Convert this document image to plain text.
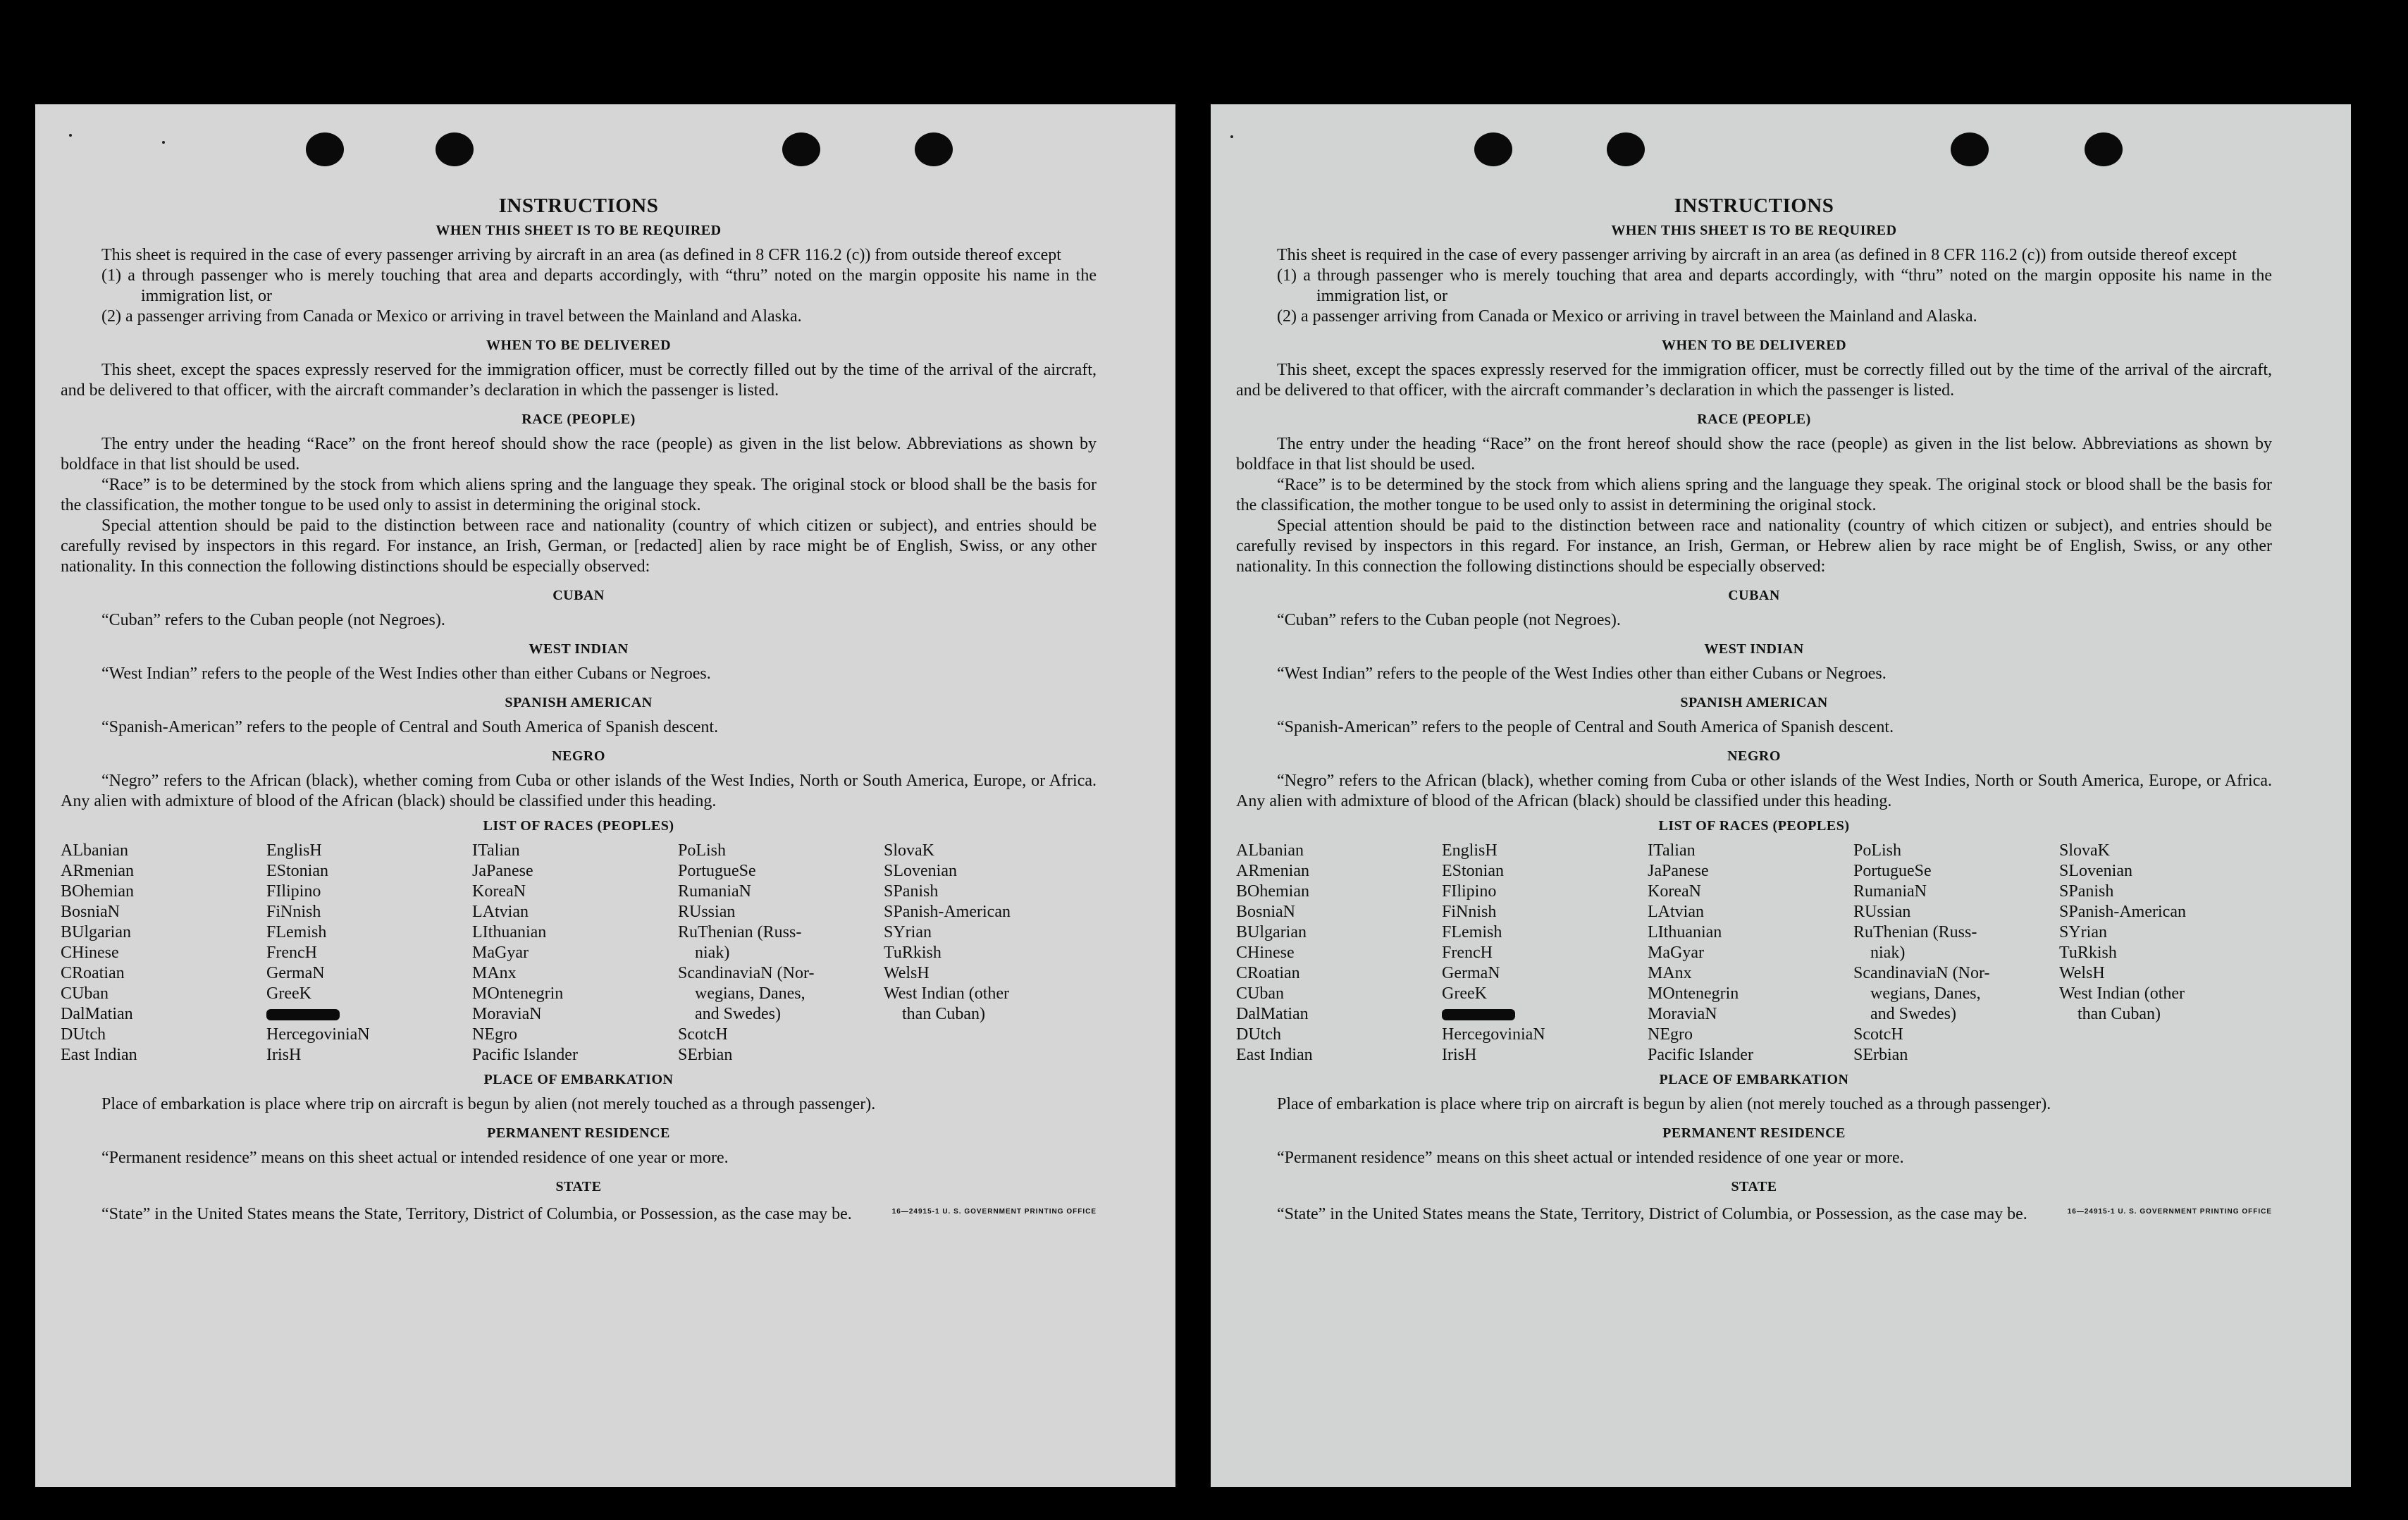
INSTRUCTIONS
WHEN THIS SHEET IS TO BE REQUIRED

This sheet is required in the case of every passenger arriving by aircraft in an area (as defined in 8 CFR 116.2 (c)) from outside thereof except

(1) a through passenger who is merely touching that area and departs accordingly, with “thru” noted on the margin opposite his name in the immigration list, or

(2) a passenger arriving from Canada or Mexico or arriving in travel between the Mainland and Alaska.

WHEN TO BE DELIVERED

This sheet, except the spaces expressly reserved for the immigration officer, must be correctly filled out by the time of the arrival of the aircraft, and be delivered to that officer, with the aircraft commander’s declaration in which the passenger is listed.

RACE (PEOPLE)

The entry under the heading “Race” on the front hereof should show the race (people) as given in the list below. Abbreviations as shown by boldface in that list should be used.

“Race” is to be determined by the stock from which aliens spring and the language they speak. The original stock or blood shall be the basis for the classification, the mother tongue to be used only to assist in determining the original stock.

Special attention should be paid to the distinction between race and nationality (country of which citizen or subject), and entries should be carefully revised by inspectors in this regard. For instance, an Irish, German, or [redacted] alien by race might be of English, Swiss, or any other nationality. In this connection the following distinctions should be especially observed:

CUBAN

“Cuban” refers to the Cuban people (not Negroes).

WEST INDIAN

“West Indian” refers to the people of the West Indies other than either Cubans or Negroes.

SPANISH AMERICAN

“Spanish-American” refers to the people of Central and South America of Spanish descent.

NEGRO

“Negro” refers to the African (black), whether coming from Cuba or other islands of the West Indies, North or South America, Europe, or Africa. Any alien with admixture of blood of the African (black) should be classified under this heading.

LIST OF RACES (PEOPLES)
ALbanian
ARmenian
BOhemian
BosniaN
BUlgarian
CHinese
CRoatian
CUban
DalMatian
DUtch
East Indian
EnglisH
EStonian
FIlipino
FiNnish
FLemish
FrencH
GermaN
GreeK
HercegoviniaN
IrisH
ITalian
JaPanese
KoreaN
LAtvian
LIthuanian
MaGyar
MAnx
MOntenegrin
MoraviaN
NEgro
Pacific Islander
PoLish
PortugueSe
RumaniaN
RUssian
RuThenian (Russ-
niak)
ScandinaviaN (Nor-
wegians, Danes,
and Swedes)
ScotcH
SErbian
SlovaK
SLovenian
SPanish
SPanish-American
SYrian
TuRkish
WelsH
West Indian (other
than Cuban)
PLACE OF EMBARKATION

Place of embarkation is place where trip on aircraft is begun by alien (not merely touched as a through passenger).

PERMANENT RESIDENCE

“Permanent residence” means on this sheet actual or intended residence of one year or more.

STATE

“State” in the United States means the State, Territory, District of Columbia, or Possession, as the case may be.	16—24915-1 U. S. GOVERNMENT PRINTING OFFICE
INSTRUCTIONS
WHEN THIS SHEET IS TO BE REQUIRED

This sheet is required in the case of every passenger arriving by aircraft in an area (as defined in 8 CFR 116.2 (c)) from outside thereof except

(1) a through passenger who is merely touching that area and departs accordingly, with “thru” noted on the margin opposite his name in the immigration list, or

(2) a passenger arriving from Canada or Mexico or arriving in travel between the Mainland and Alaska.

WHEN TO BE DELIVERED

This sheet, except the spaces expressly reserved for the immigration officer, must be correctly filled out by the time of the arrival of the aircraft, and be delivered to that officer, with the aircraft commander’s declaration in which the passenger is listed.

RACE (PEOPLE)

The entry under the heading “Race” on the front hereof should show the race (people) as given in the list below. Abbreviations as shown by boldface in that list should be used.

“Race” is to be determined by the stock from which aliens spring and the language they speak. The original stock or blood shall be the basis for the classification, the mother tongue to be used only to assist in determining the original stock.

Special attention should be paid to the distinction between race and nationality (country of which citizen or subject), and entries should be carefully revised by inspectors in this regard. For instance, an Irish, German, or Hebrew alien by race might be of English, Swiss, or any other nationality. In this connection the following distinctions should be especially observed:

CUBAN

“Cuban” refers to the Cuban people (not Negroes).

WEST INDIAN

“West Indian” refers to the people of the West Indies other than either Cubans or Negroes.

SPANISH AMERICAN

“Spanish-American” refers to the people of Central and South America of Spanish descent.

NEGRO

“Negro” refers to the African (black), whether coming from Cuba or other islands of the West Indies, North or South America, Europe, or Africa. Any alien with admixture of blood of the African (black) should be classified under this heading.

LIST OF RACES (PEOPLES)
ALbanian
ARmenian
BOhemian
BosniaN
BUlgarian
CHinese
CRoatian
CUban
DalMatian
DUtch
East Indian
EnglisH
EStonian
FIlipino
FiNnish
FLemish
FrencH
GermaN
GreeK
HercegoviniaN
IrisH
ITalian
JaPanese
KoreaN
LAtvian
LIthuanian
MaGyar
MAnx
MOntenegrin
MoraviaN
NEgro
Pacific Islander
PoLish
PortugueSe
RumaniaN
RUssian
RuThenian (Russ-
niak)
ScandinaviaN (Nor-
wegians, Danes,
and Swedes)
ScotcH
SErbian
SlovaK
SLovenian
SPanish
SPanish-American
SYrian
TuRkish
WelsH
West Indian (other
than Cuban)
PLACE OF EMBARKATION

Place of embarkation is place where trip on aircraft is begun by alien (not merely touched as a through passenger).

PERMANENT RESIDENCE

“Permanent residence” means on this sheet actual or intended residence of one year or more.

STATE

“State” in the United States means the State, Territory, District of Columbia, or Possession, as the case may be.	16—24915-1 U. S. GOVERNMENT PRINTING OFFICE
